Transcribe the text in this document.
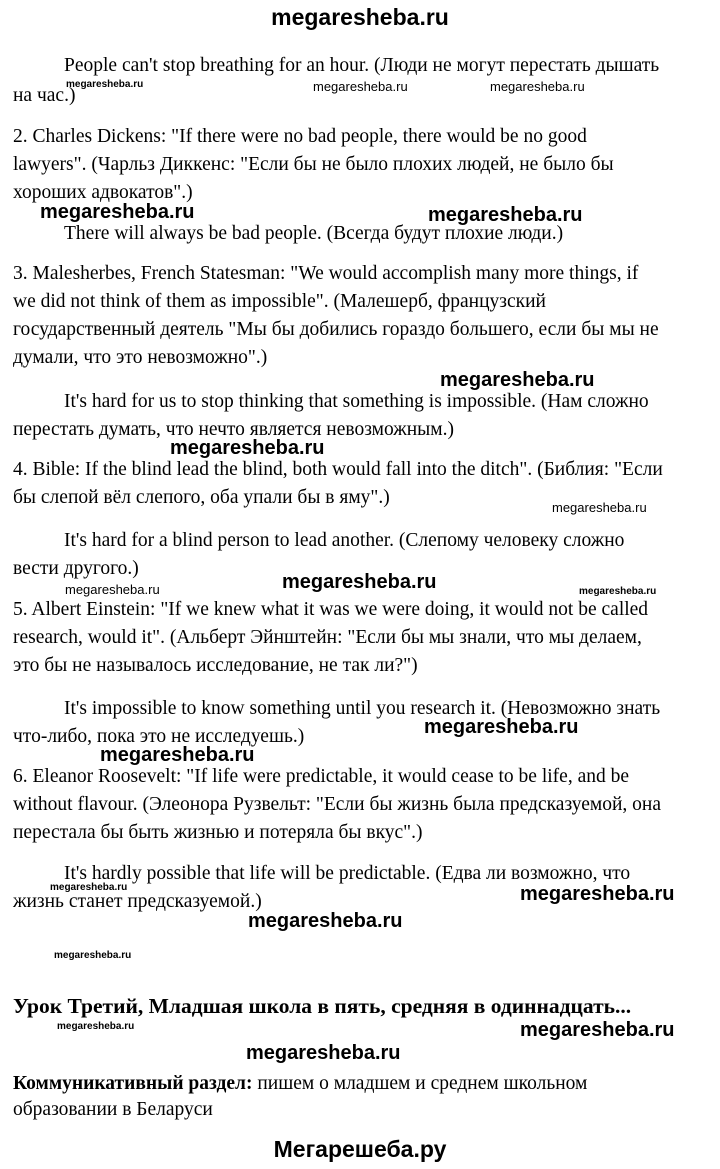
megaresheba.ru
People can't stop breathing for an hour. (Люди не могут перестать дышать
на час.)
2. Charles Dickens: "If there were no bad people, there would be no good
lawyers". (Чарльз Диккенс: "Если бы не было плохих людей, не было бы
хороших адвокатов".)
There will always be bad people. (Всегда будут плохие люди.)
3. Malesherbes, French Statesman: "We would accomplish many more things, if
we did not think of them as impossible". (Малешерб, французский
государственный деятель "Мы бы добились гораздо большего, если бы мы не
думали, что это невозможно".)
It's hard for us to stop thinking that something is impossible. (Нам сложно
перестать думать, что нечто является невозможным.)
4. Bible: If the blind lead the blind, both would fall into the ditch". (Библия: "Если
бы слепой вёл слепого, оба упали бы в яму".)
It's hard for a blind person to lead another. (Слепому человеку сложно
вести другого.)
5. Albert Einstein: "If we knew what it was we were doing, it would not be called
research, would it". (Альберт Эйнштейн: "Если бы мы знали, что мы делаем,
это бы не называлось исследование, не так ли?")
It's impossible to know something until you research it. (Невозможно знать
что-либо, пока это не исследуешь.)
6. Eleanor Roosevelt: "If life were predictable, it would cease to be life, and be
without flavour. (Элеонора Рузвельт: "Если бы жизнь была предсказуемой, она
перестала бы быть жизнью и потеряла бы вкус".)
It's hardly possible that life will be predictable. (Едва ли возможно, что
жизнь станет предсказуемой.)
Урок Третий, Младшая школа в пять, средняя в одиннадцать...
Коммуникативный раздел: пишем о младшем и среднем школьном
образовании в Беларуси
megaresheba.ru	megaresheba.ru	megaresheba.ru
megaresheba.ru	megaresheba.ru
megaresheba.ru
megaresheba.ru
megaresheba.ru
megaresheba.ru	megaresheba.ru	megaresheba.ru
megaresheba.ru
megaresheba.ru
megaresheba.ru	megaresheba.ru
megaresheba.ru
megaresheba.ru
megaresheba.ru	megaresheba.ru
megaresheba.ru
Мегарешеба.ру
